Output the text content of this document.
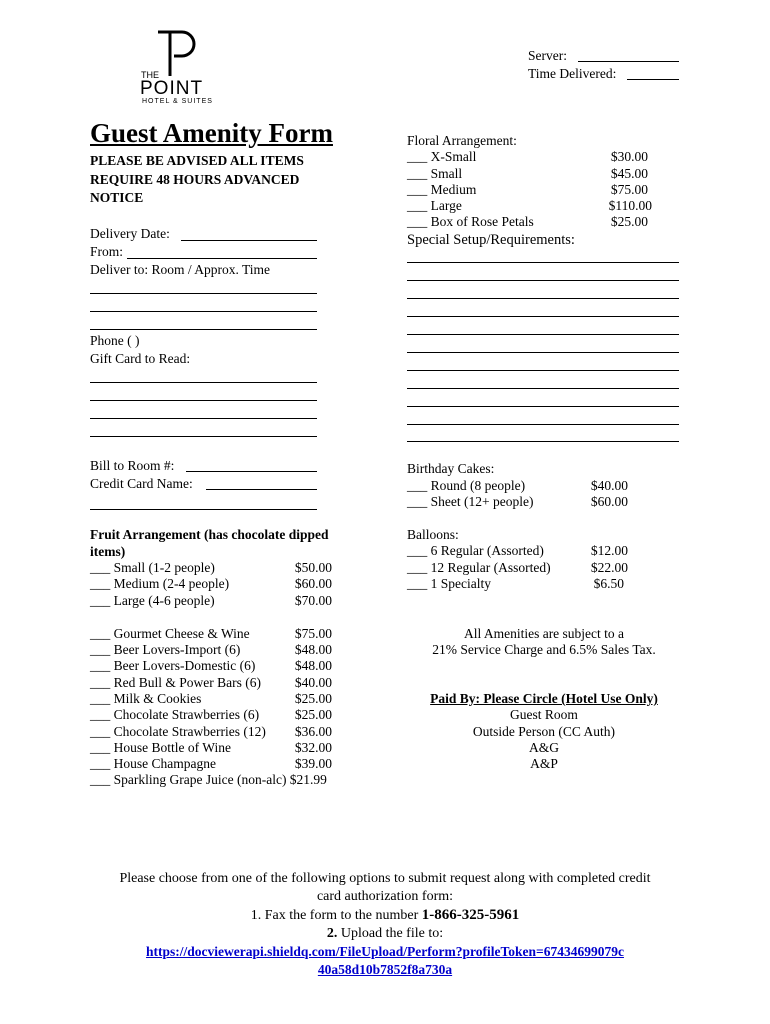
THE
POINT
HOTEL & SUITES
Server:
Time Delivered:
Guest Amenity Form
PLEASE BE ADVISED ALL ITEMS REQUIRE 48 HOURS ADVANCED NOTICE
Delivery Date:
From:
Deliver to: Room / Approx. Time
Phone ( )
Gift Card to Read:
Bill to Room #:
Credit Card Name:
Fruit Arrangement (has chocolate dipped items)
___ Small (1-2 people)	$50.00
___ Medium (2-4 people)	$60.00
___ Large (4-6 people)	$70.00
___ Gourmet Cheese & Wine	$75.00
___ Beer Lovers-Import (6)	$48.00
___ Beer Lovers-Domestic (6)	$48.00
___ Red Bull & Power Bars (6)	$40.00
___ Milk & Cookies	$25.00
___ Chocolate Strawberries (6)	$25.00
___ Chocolate Strawberries (12)	$36.00
___ House Bottle of Wine	$32.00
___ House Champagne	$39.00
___ Sparkling Grape Juice (non-alc) $21.99
Floral Arrangement:
___ X-Small	$30.00
___ Small	$45.00
___ Medium	$75.00
___ Large	$110.00
___ Box of Rose Petals	$25.00
Special Setup/Requirements:
Birthday Cakes:
___ Round (8 people)	$40.00
___ Sheet (12+ people)	$60.00
Balloons:
___ 6 Regular (Assorted)	$12.00
___ 12 Regular (Assorted)	$22.00
___ 1 Specialty	$6.50
All Amenities are subject to a
21% Service Charge and 6.5% Sales Tax.
Paid By: Please Circle (Hotel Use Only)
Guest Room
Outside Person (CC Auth)
A&G
A&P
Please choose from one of the following options to submit request along with completed credit
card authorization form:
1. Fax the form to the number 1-866-325-5961
2. Upload the file to:
https://docviewerapi.shieldq.com/FileUpload/Perform?profileToken=67434699079c
40a58d10b7852f8a730a
